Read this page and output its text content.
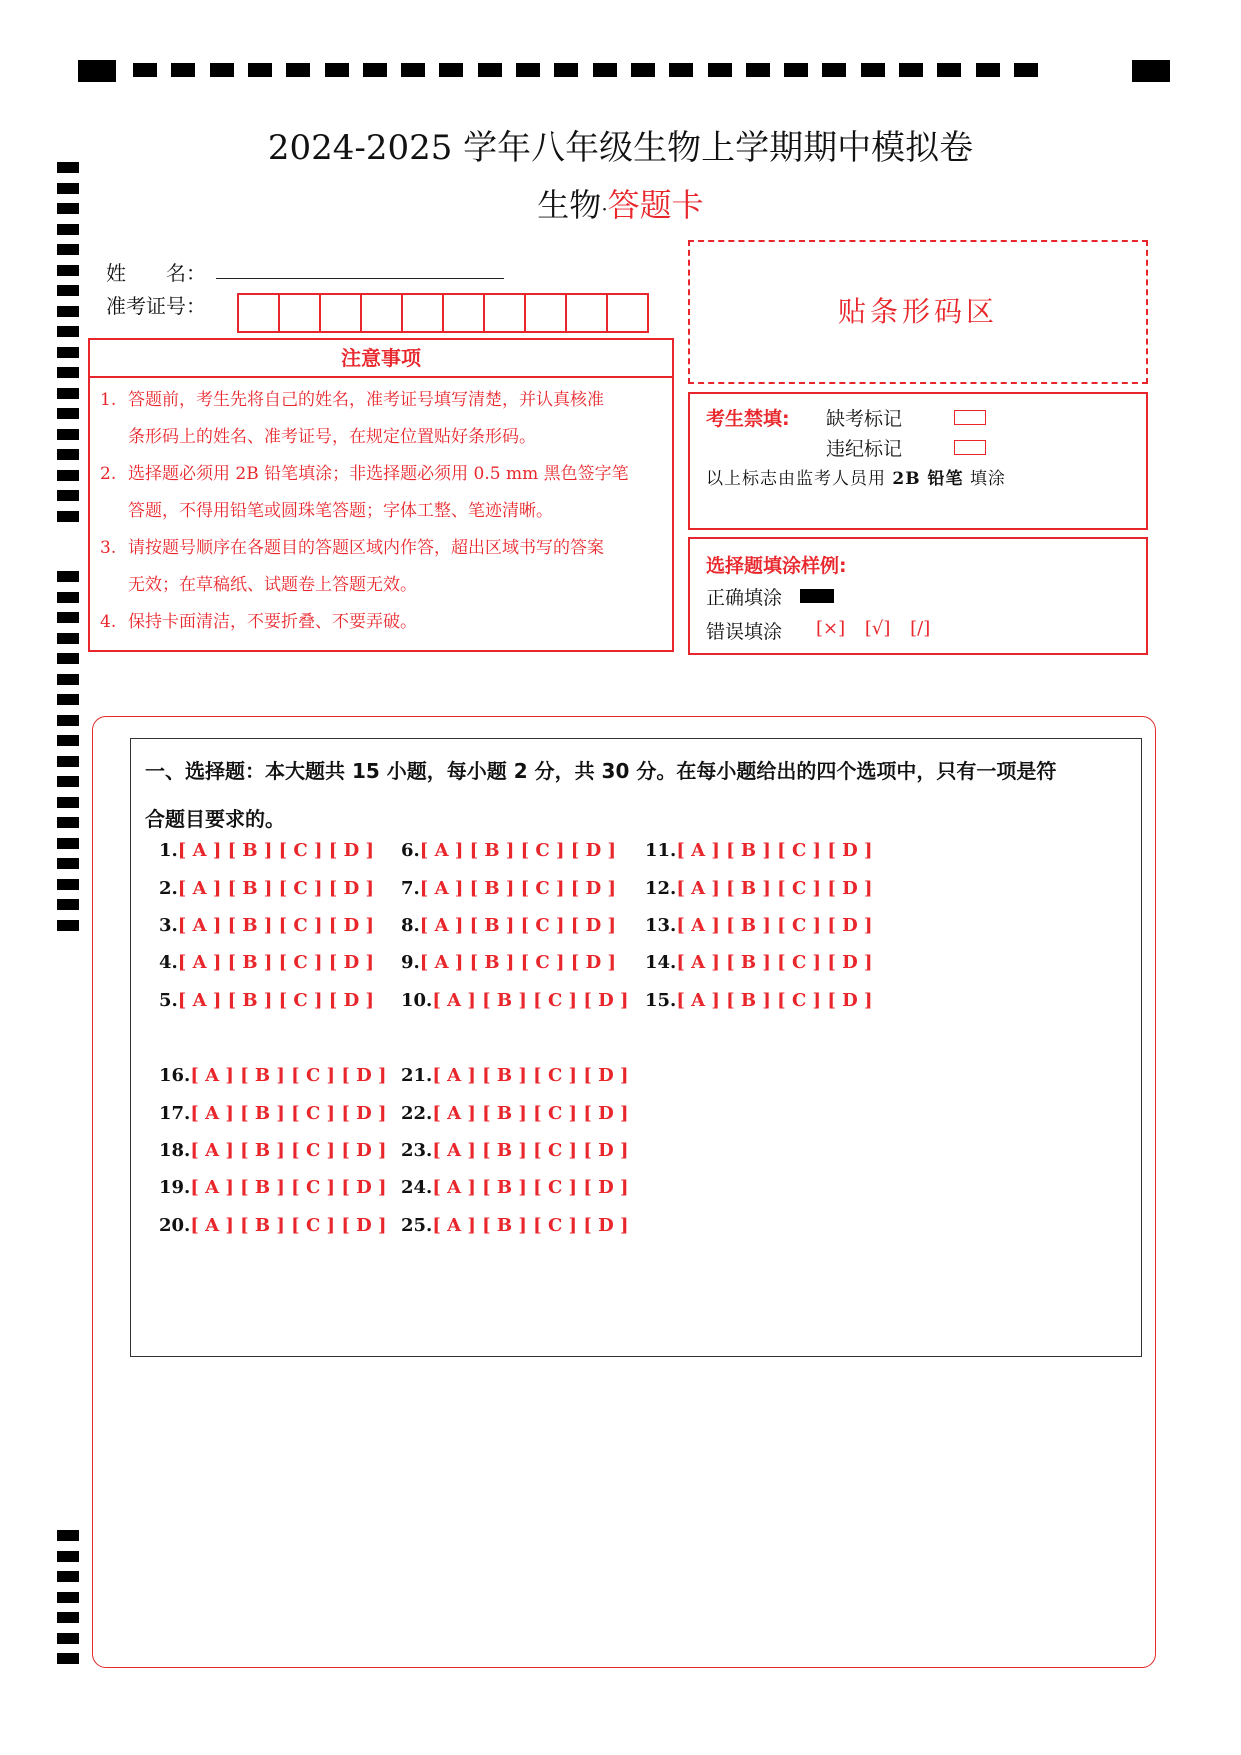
2024-2025 学年八年级生物上学期期中模拟卷
生物·答题卡
姓　　名：
准考证号：
注意事项
1. 答题前，考生先将自己的姓名，准考证号填写清楚，并认真核准
条形码上的姓名、准考证号，在规定位置贴好条形码。
2. 选择题必须用 2B 铅笔填涂；非选择题必须用 0.5 mm 黑色签字笔
答题，不得用铅笔或圆珠笔答题；字体工整、笔迹清晰。
3. 请按题号顺序在各题目的答题区域内作答，超出区域书写的答案
无效；在草稿纸、试题卷上答题无效。
4. 保持卡面清洁，不要折叠、不要弄破。
贴条形码区
考生禁填: 缺考标记
违纪标记
以上标志由监考人员用 2B 铅笔 填涂
选择题填涂样例:
正确填涂
错误填涂 [×] [√] [/]
一、选择题：本大题共 15 小题，每小题 2 分，共 30 分。在每小题给出的四个选项中，只有一项是符
合题目要求的。
1.[ A ] [ B ] [ C ] [ D ]
2.[ A ] [ B ] [ C ] [ D ]
3.[ A ] [ B ] [ C ] [ D ]
4.[ A ] [ B ] [ C ] [ D ]
5.[ A ] [ B ] [ C ] [ D ]
6.[ A ] [ B ] [ C ] [ D ]
7.[ A ] [ B ] [ C ] [ D ]
8.[ A ] [ B ] [ C ] [ D ]
9.[ A ] [ B ] [ C ] [ D ]
10.[ A ] [ B ] [ C ] [ D ]
11.[ A ] [ B ] [ C ] [ D ]
12.[ A ] [ B ] [ C ] [ D ]
13.[ A ] [ B ] [ C ] [ D ]
14.[ A ] [ B ] [ C ] [ D ]
15.[ A ] [ B ] [ C ] [ D ]
16.[ A ] [ B ] [ C ] [ D ]
17.[ A ] [ B ] [ C ] [ D ]
18.[ A ] [ B ] [ C ] [ D ]
19.[ A ] [ B ] [ C ] [ D ]
20.[ A ] [ B ] [ C ] [ D ]
21.[ A ] [ B ] [ C ] [ D ]
22.[ A ] [ B ] [ C ] [ D ]
23.[ A ] [ B ] [ C ] [ D ]
24.[ A ] [ B ] [ C ] [ D ]
25.[ A ] [ B ] [ C ] [ D ]
